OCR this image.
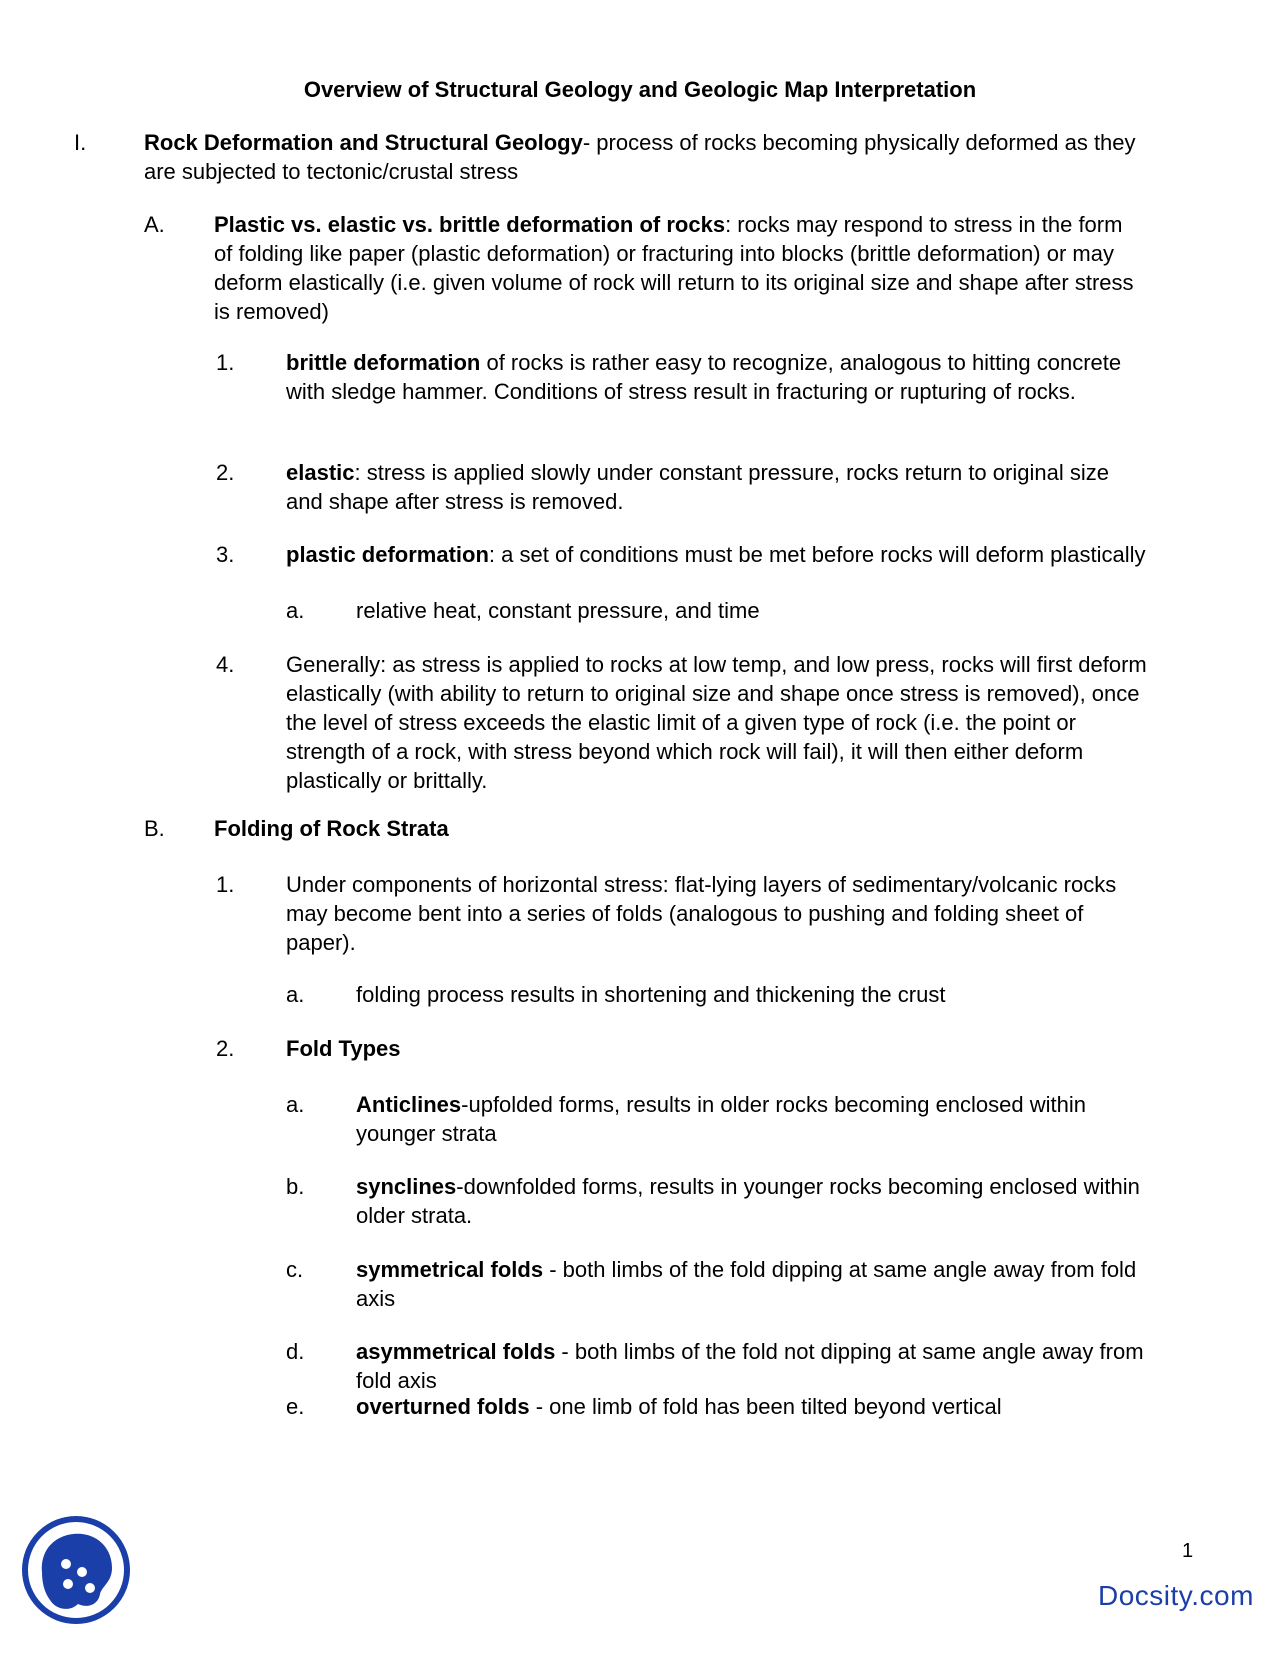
Overview of Structural Geology and Geologic Map Interpretation
I.	Rock Deformation and Structural Geology- process of rocks becoming physically deformed as they are subjected to tectonic/crustal stress
A. Plastic vs. elastic vs. brittle deformation of rocks: rocks may respond to stress in the form of folding like paper (plastic deformation) or fracturing into blocks (brittle deformation) or may deform elastically (i.e. given volume of rock will return to its original size and shape after stress is removed)
1. brittle deformation of rocks is rather easy to recognize, analogous to hitting concrete with sledge hammer. Conditions of stress result in fracturing or rupturing of rocks.
2. elastic: stress is applied slowly under constant pressure, rocks return to original size and shape after stress is removed.
3. plastic deformation: a set of conditions must be met before rocks will deform plastically
a. relative heat, constant pressure, and time
4. Generally: as stress is applied to rocks at low temp, and low press, rocks will first deform elastically (with ability to return to original size and shape once stress is removed), once the level of stress exceeds the elastic limit of a given type of rock (i.e. the point or strength of a rock, with stress beyond which rock will fail), it will then either deform plastically or brittally.
B. Folding of Rock Strata
1. Under components of horizontal stress: flat-lying layers of sedimentary/volcanic rocks may become bent into a series of folds (analogous to pushing and folding sheet of paper).
a. folding process results in shortening and thickening the crust
2. Fold Types
a. Anticlines-upfolded forms, results in older rocks becoming enclosed within younger strata
b. synclines-downfolded forms, results in younger rocks becoming enclosed within older strata.
c. symmetrical folds - both limbs of the fold dipping at same angle away from fold axis
d. asymmetrical folds - both limbs of the fold not dipping at same angle away from fold axis
e. overturned folds - one limb of fold has been tilted beyond vertical
1
Docsity.com
